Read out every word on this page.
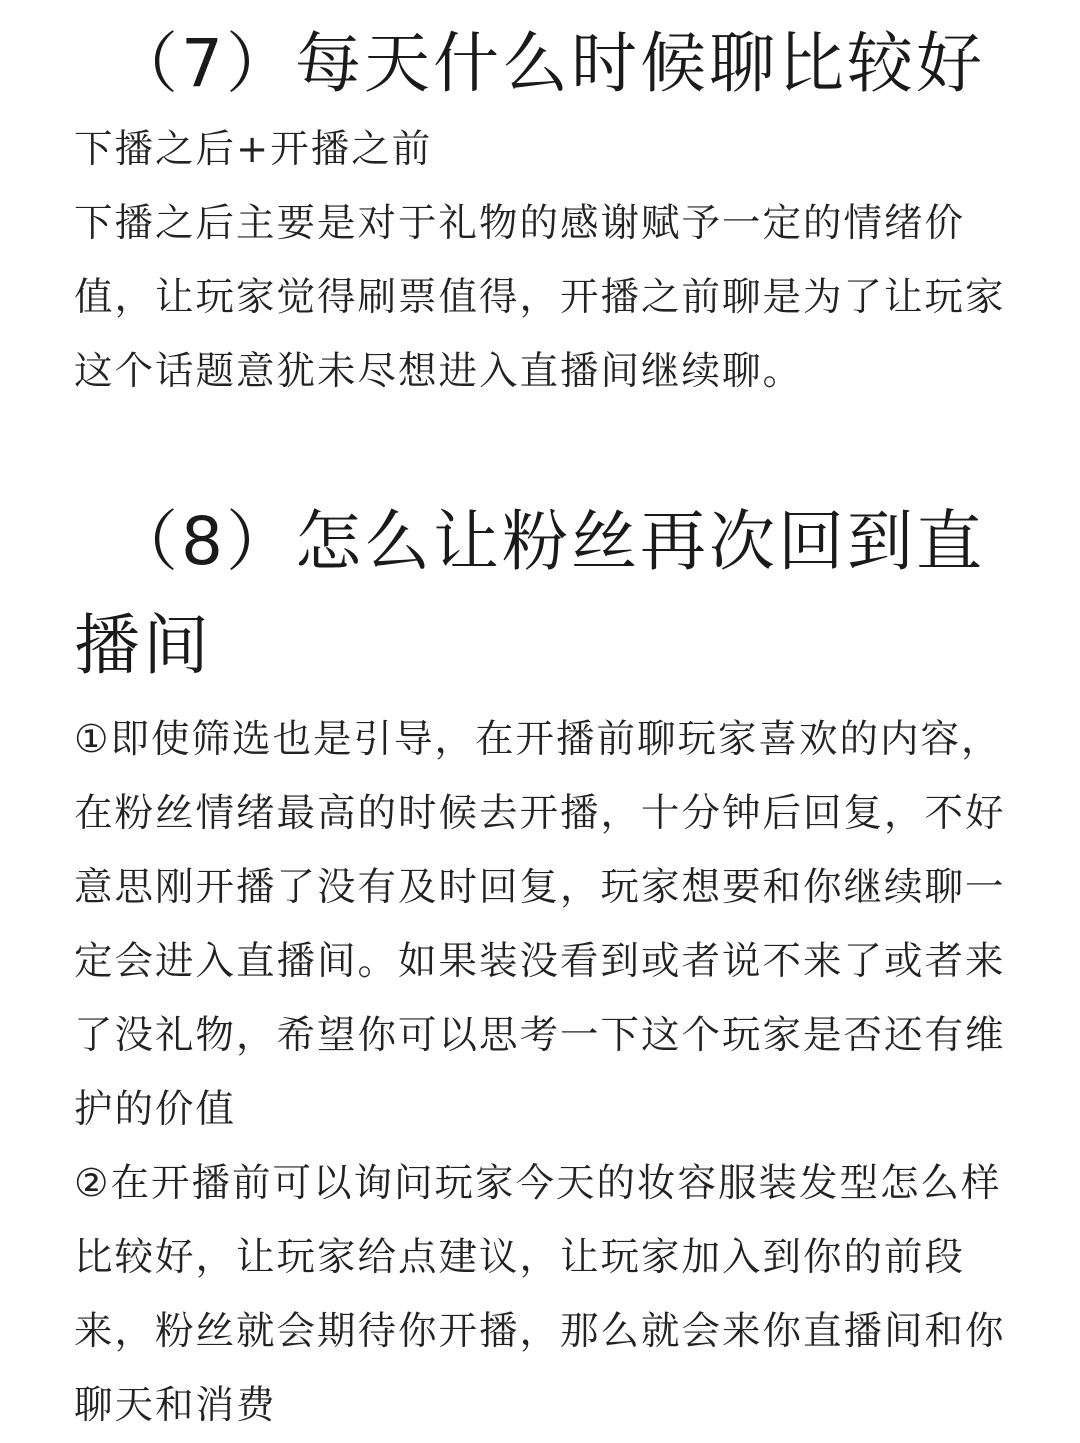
（7）每天什么时候聊比较好

下播之后+开播之前

下播之后主要是对于礼物的感谢赋予一定的情绪价值，让玩家觉得刷票值得，开播之前聊是为了让玩家这个话题意犹未尽想进入直播间继续聊。

（8）怎么让粉丝再次回到直
播间

①即使筛选也是引导，在开播前聊玩家喜欢的内容，在粉丝情绪最高的时候去开播，十分钟后回复，不好意思刚开播了没有及时回复，玩家想要和你继续聊一定会进入直播间。如果装没看到或者说不来了或者来了没礼物，希望你可以思考一下这个玩家是否还有维护的价值

②在开播前可以询问玩家今天的妆容服装发型怎么样比较好，让玩家给点建议，让玩家加入到你的前段来，粉丝就会期待你开播，那么就会来你直播间和你聊天和消费
